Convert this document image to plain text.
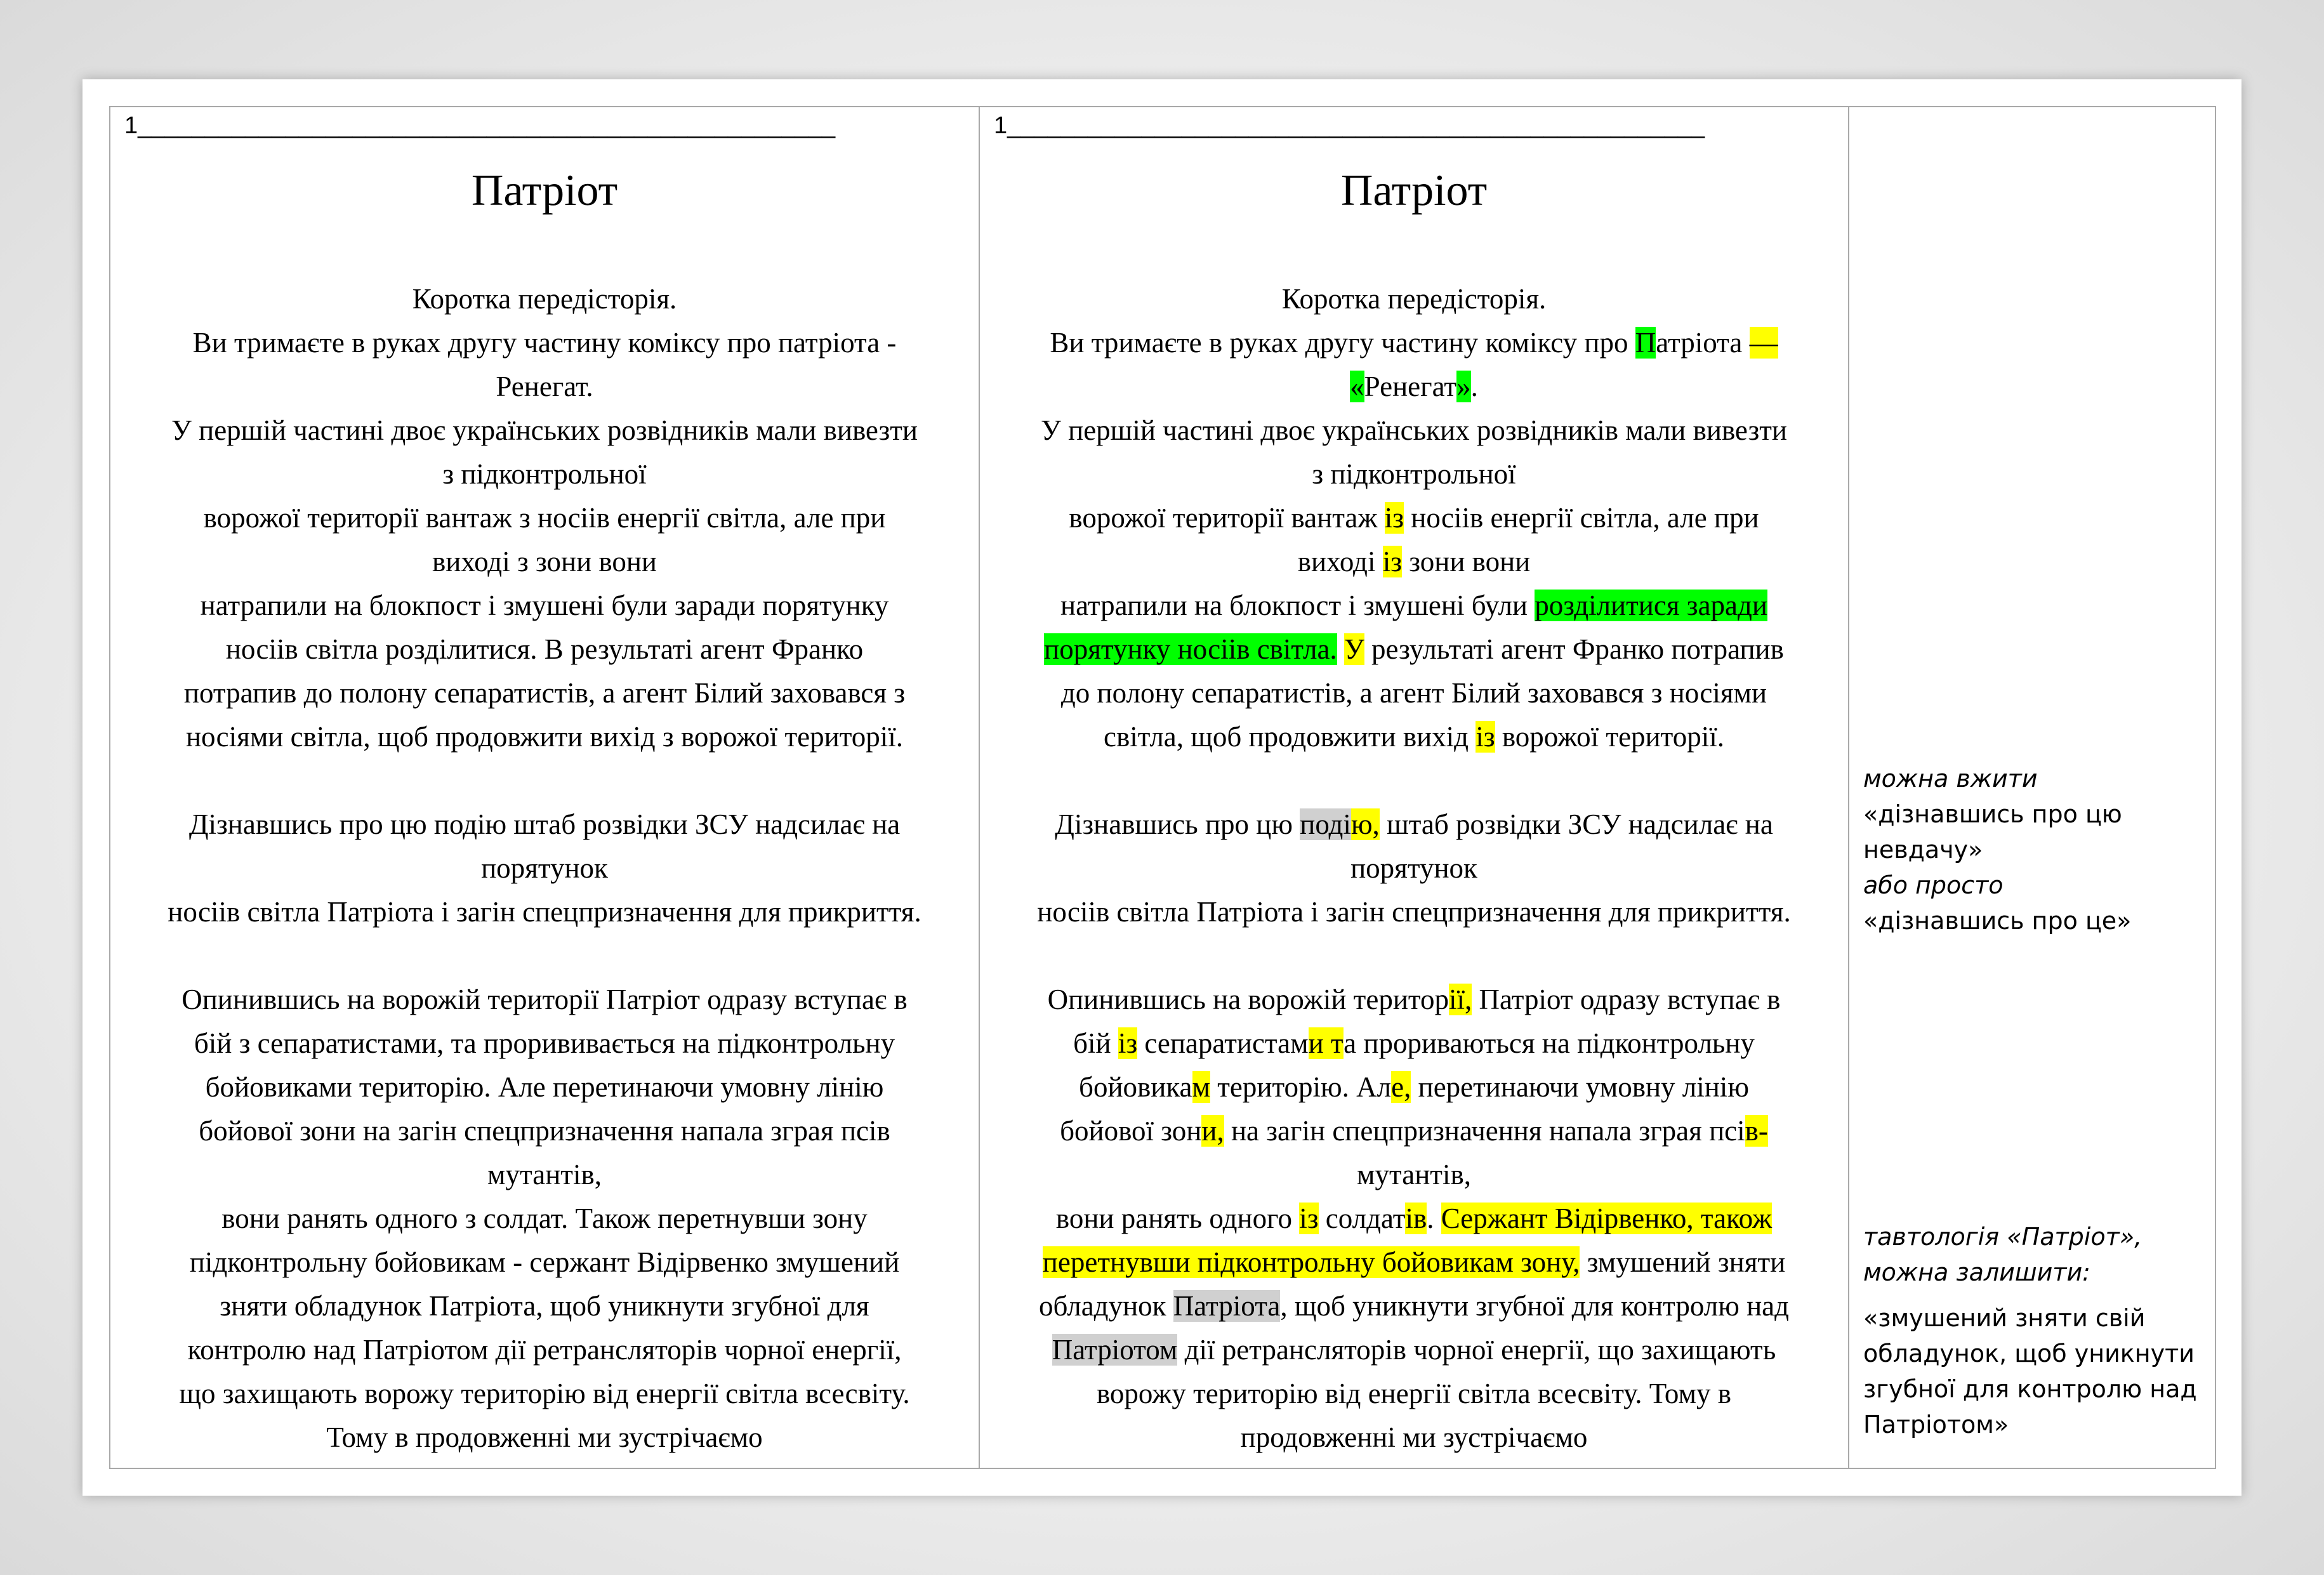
1____________________________________________________
Патріот

Коротка передісторія.

Ви тримаєте в руках другу частину коміксу про патріота -

Ренегат.

У першій частині двоє українських розвідників мали вивезти

з підконтрольної

ворожої території вантаж з носіів енергії світла, але при

виході з зони вони

натрапили на блокпост і змушені були заради порятунку

носіів світла розділитися. В результаті агент Франко

потрапив до полону сепаратистів, а агент Білий заховався з

носіями світла, щоб продовжити вихід з ворожої території.

Дізнавшись про цю подію штаб розвідки ЗСУ надсилає на

порятунок

носіів світла Патріота і загін спецпризначення для прикриття.

Опинившись на ворожій території Патріот одразу вступає в

бій з сепаратистами, та прорививається на підконтрольну

бойовиками територію. Але перетинаючи умовну лінію

бойової зони на загін спецпризначення напала зграя псів

мутантів,

вони ранять одного з солдат. Також перетнувши зону

підконтрольну бойовикам - сержант Відірвенко змушений

зняти обладунок Патріота, щоб уникнути згубної для

контролю над Патріотом дії ретрансляторів чорної енергії,

що захищають ворожу територію від енергії світла всесвіту.

Тому в продовженні ми зустрічаємо

1____________________________________________________
Патріот

Коротка передісторія.

Ви тримаєте в руках другу частину коміксу про Патріота —

«Ренегат».

У першій частині двоє українських розвідників мали вивезти

з підконтрольної

ворожої території вантаж із носіів енергії світла, але при

виході із зони вони

натрапили на блокпост і змушені були розділитися заради

порятунку носіів світла. У результаті агент Франко потрапив

до полону сепаратистів, а агент Білий заховався з носіями

світла, щоб продовжити вихід із ворожої території.

Дізнавшись про цю подію, штаб розвідки ЗСУ надсилає на

порятунок

носіів світла Патріота і загін спецпризначення для прикриття.

Опинившись на ворожій території, Патріот одразу вступає в

бій із сепаратистами та прориваються на підконтрольну

бойовикам територію. Але, перетинаючи умовну лінію

бойової зони, на загін спецпризначення напала зграя псів-

мутантів,

вони ранять одного із солдатів. Сержант Відірвенко, також

перетнувши підконтрольну бойовикам зону, змушений зняти

обладунок Патріота, щоб уникнути згубної для контролю над

Патріотом дії ретрансляторів чорної енергії, що захищають

ворожу територію від енергії світла всесвіту. Тому в

продовженні ми зустрічаємо

можна вжити

«дізнавшись про цю

невдачу»

або просто

«дізнавшись про це»

тавтологія «Патріот»,

можна залишити:

«змушений зняти свій

обладунок, щоб уникнути

згубної для контролю над

Патріотом»
